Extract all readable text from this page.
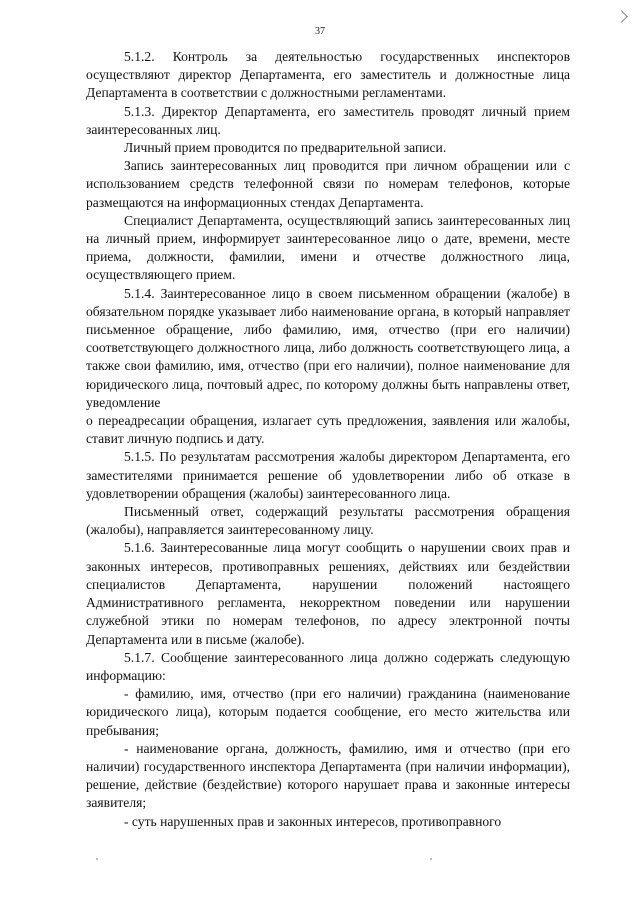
37

5.1.2. Контроль за деятельностью государственных инспекторов осуществляют директор Департамента, его заместитель и должностные лица Департамента в соответствии с должностными регламентами.

5.1.3. Директор Департамента, его заместитель проводят личный прием заинтересованных лиц.

Личный прием проводится по предварительной записи.

Запись заинтересованных лиц проводится при личном обращении или с использованием средств телефонной связи по номерам телефонов, которые размещаются на информационных стендах Департамента.

Специалист Департамента, осуществляющий запись заинтересованных лиц на личный прием, информирует заинтересованное лицо о дате, времени, месте приема, должности, фамилии, имени и отчестве должностного лица, осуществляющего прием.

5.1.4. Заинтересованное лицо в своем письменном обращении (жалобе) в обязательном порядке указывает либо наименование органа, в который направляет письменное обращение, либо фамилию, имя, отчество (при его наличии) соответствующего должностного лица, либо должность соответствующего лица, а также свои фамилию, имя, отчество (при его наличии), полное наименование для юридического лица, почтовый адрес, по которому должны быть направлены ответ, уведомление

о переадресации обращения, излагает суть предложения, заявления или жалобы, ставит личную подпись и дату.

5.1.5. По результатам рассмотрения жалобы директором Департамента, его заместителями принимается решение об удовлетворении либо об отказе в удовлетворении обращения (жалобы) заинтересованного лица.

Письменный ответ, содержащий результаты рассмотрения обращения (жалобы), направляется заинтересованному лицу.

5.1.6. Заинтересованные лица могут сообщить о нарушении своих прав и законных интересов, противоправных решениях, действиях или бездействии специалистов Департамента, нарушении положений настоящего Административного регламента, некорректном поведении или нарушении служебной этики по номерам телефонов, по адресу электронной почты Департамента или в письме (жалобе).

5.1.7. Сообщение заинтересованного лица должно содержать следующую информацию:

- фамилию, имя, отчество (при его наличии) гражданина (наименование юридического лица), которым подается сообщение, его место жительства или пребывания;

- наименование органа, должность, фамилию, имя и отчество (при его наличии) государственного инспектора Департамента (при наличии информации), решение, действие (бездействие) которого нарушает права и законные интересы заявителя;

- суть нарушенных прав и законных интересов, противоправного
